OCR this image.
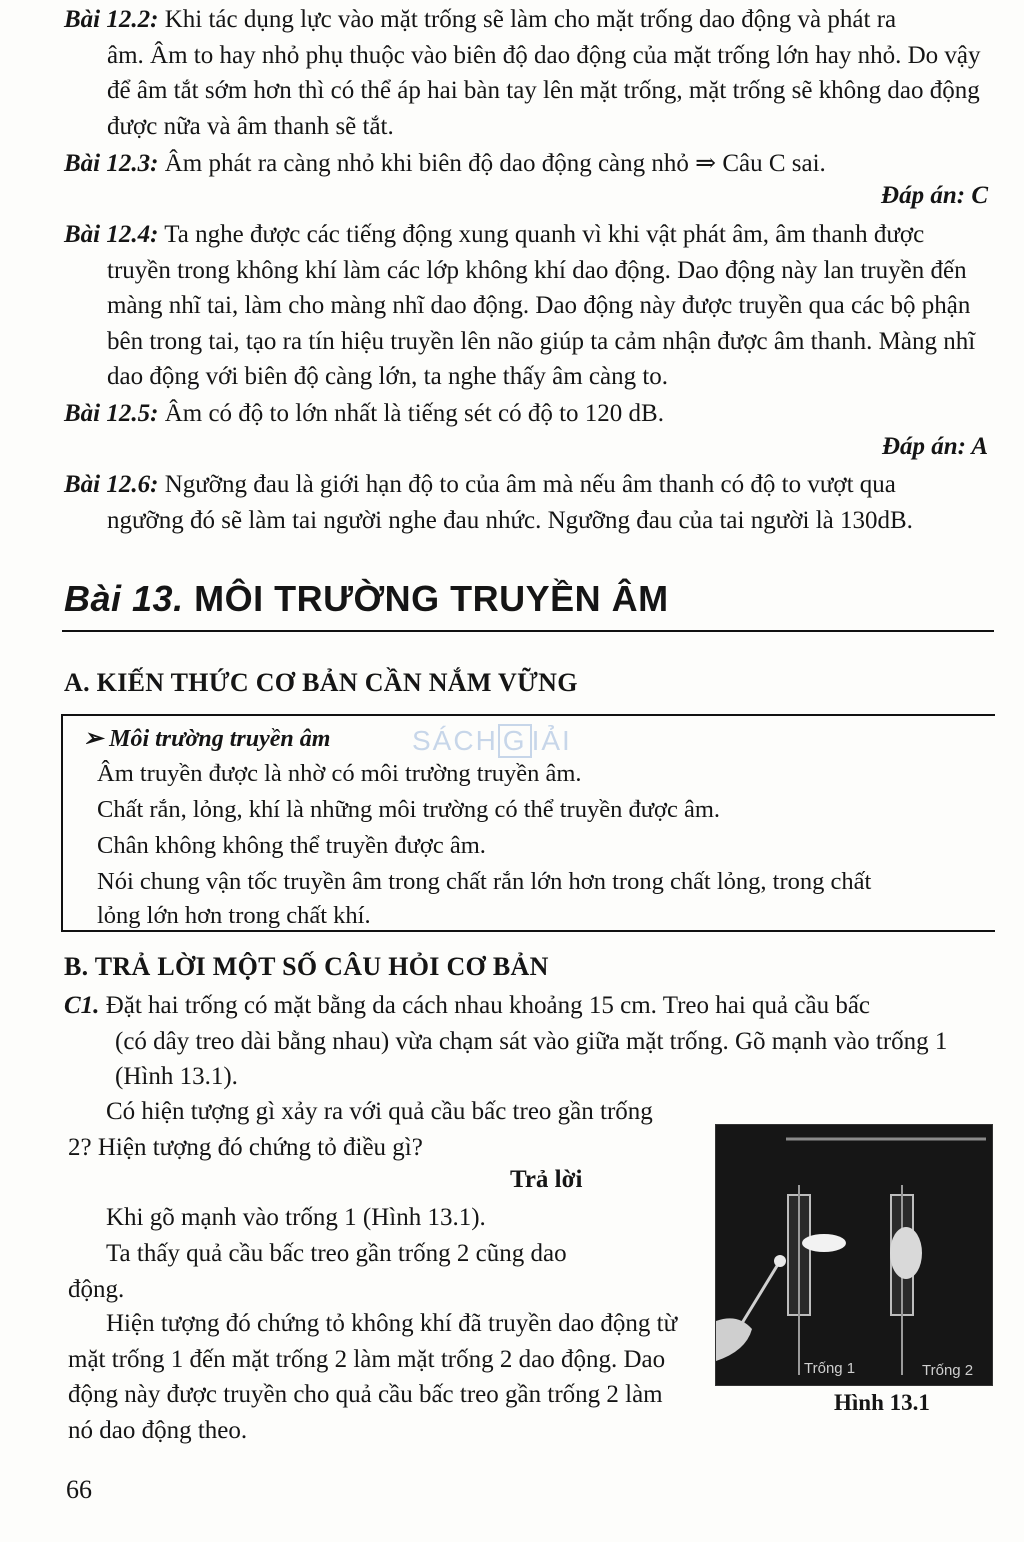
Bài 12.2: Khi tác dụng lực vào mặt trống sẽ làm cho mặt trống dao động và phát ra
âm. Âm to hay nhỏ phụ thuộc vào biên độ dao động của mặt trống lớn hay nhỏ. Do vậy để âm tắt sớm hơn thì có thể áp hai bàn tay lên mặt trống, mặt trống sẽ không dao động được nữa và âm thanh sẽ tắt.
Bài 12.3: Âm phát ra càng nhỏ khi biên độ dao động càng nhỏ ⇒ Câu C sai.
Đáp án: C
Bài 12.4: Ta nghe được các tiếng động xung quanh vì khi vật phát âm, âm thanh được
truyền trong không khí làm các lớp không khí dao động. Dao động này lan truyền đến màng nhĩ tai, làm cho màng nhĩ dao động. Dao động này được truyền qua các bộ phận bên trong tai, tạo ra tín hiệu truyền lên não giúp ta cảm nhận được âm thanh. Màng nhĩ dao động với biên độ càng lớn, ta nghe thấy âm càng to.
Bài 12.5: Âm có độ to lớn nhất là tiếng sét có độ to 120 dB.
Đáp án: A
Bài 12.6: Ngưỡng đau là giới hạn độ to của âm mà nếu âm thanh có độ to vượt qua
ngưỡng đó sẽ làm tai người nghe đau nhức. Ngưỡng đau của tai người là 130dB.
Bài 13. MÔI TRƯỜNG TRUYỀN ÂM
A. KIẾN THỨC CƠ BẢN CẦN NẮM VỮNG
➢ Môi trường truyền âm
Âm truyền được là nhờ có môi trường truyền âm.
Chất rắn, lỏng, khí là những môi trường có thể truyền được âm.
Chân không không thể truyền được âm.
Nói chung vận tốc truyền âm trong chất rắn lớn hơn trong chất lỏng, trong chất
lỏng lớn hơn trong chất khí.
SÁCH G IẢI
B. TRẢ LỜI MỘT SỐ CÂU HỎI CƠ BẢN
C1. Đặt hai trống có mặt bằng da cách nhau khoảng 15 cm. Treo hai quả cầu bấc
(có dây treo dài bằng nhau) vừa chạm sát vào giữa mặt trống. Gõ mạnh vào trống 1 (Hình 13.1).
Có hiện tượng gì xảy ra với quả cầu bấc treo gần trống 2? Hiện tượng đó chứng tỏ điều gì?
Trả lời
Khi gõ mạnh vào trống 1 (Hình 13.1).
Ta thấy quả cầu bấc treo gần trống 2 cũng dao động.
Hiện tượng đó chứng tỏ không khí đã truyền dao động từ mặt trống 1 đến mặt trống 2 làm mặt trống 2 dao động. Dao động này được truyền cho quả cầu bấc treo gần trống 2 làm nó dao động theo.
Trống 1	Trống 2
Hình 13.1
66
